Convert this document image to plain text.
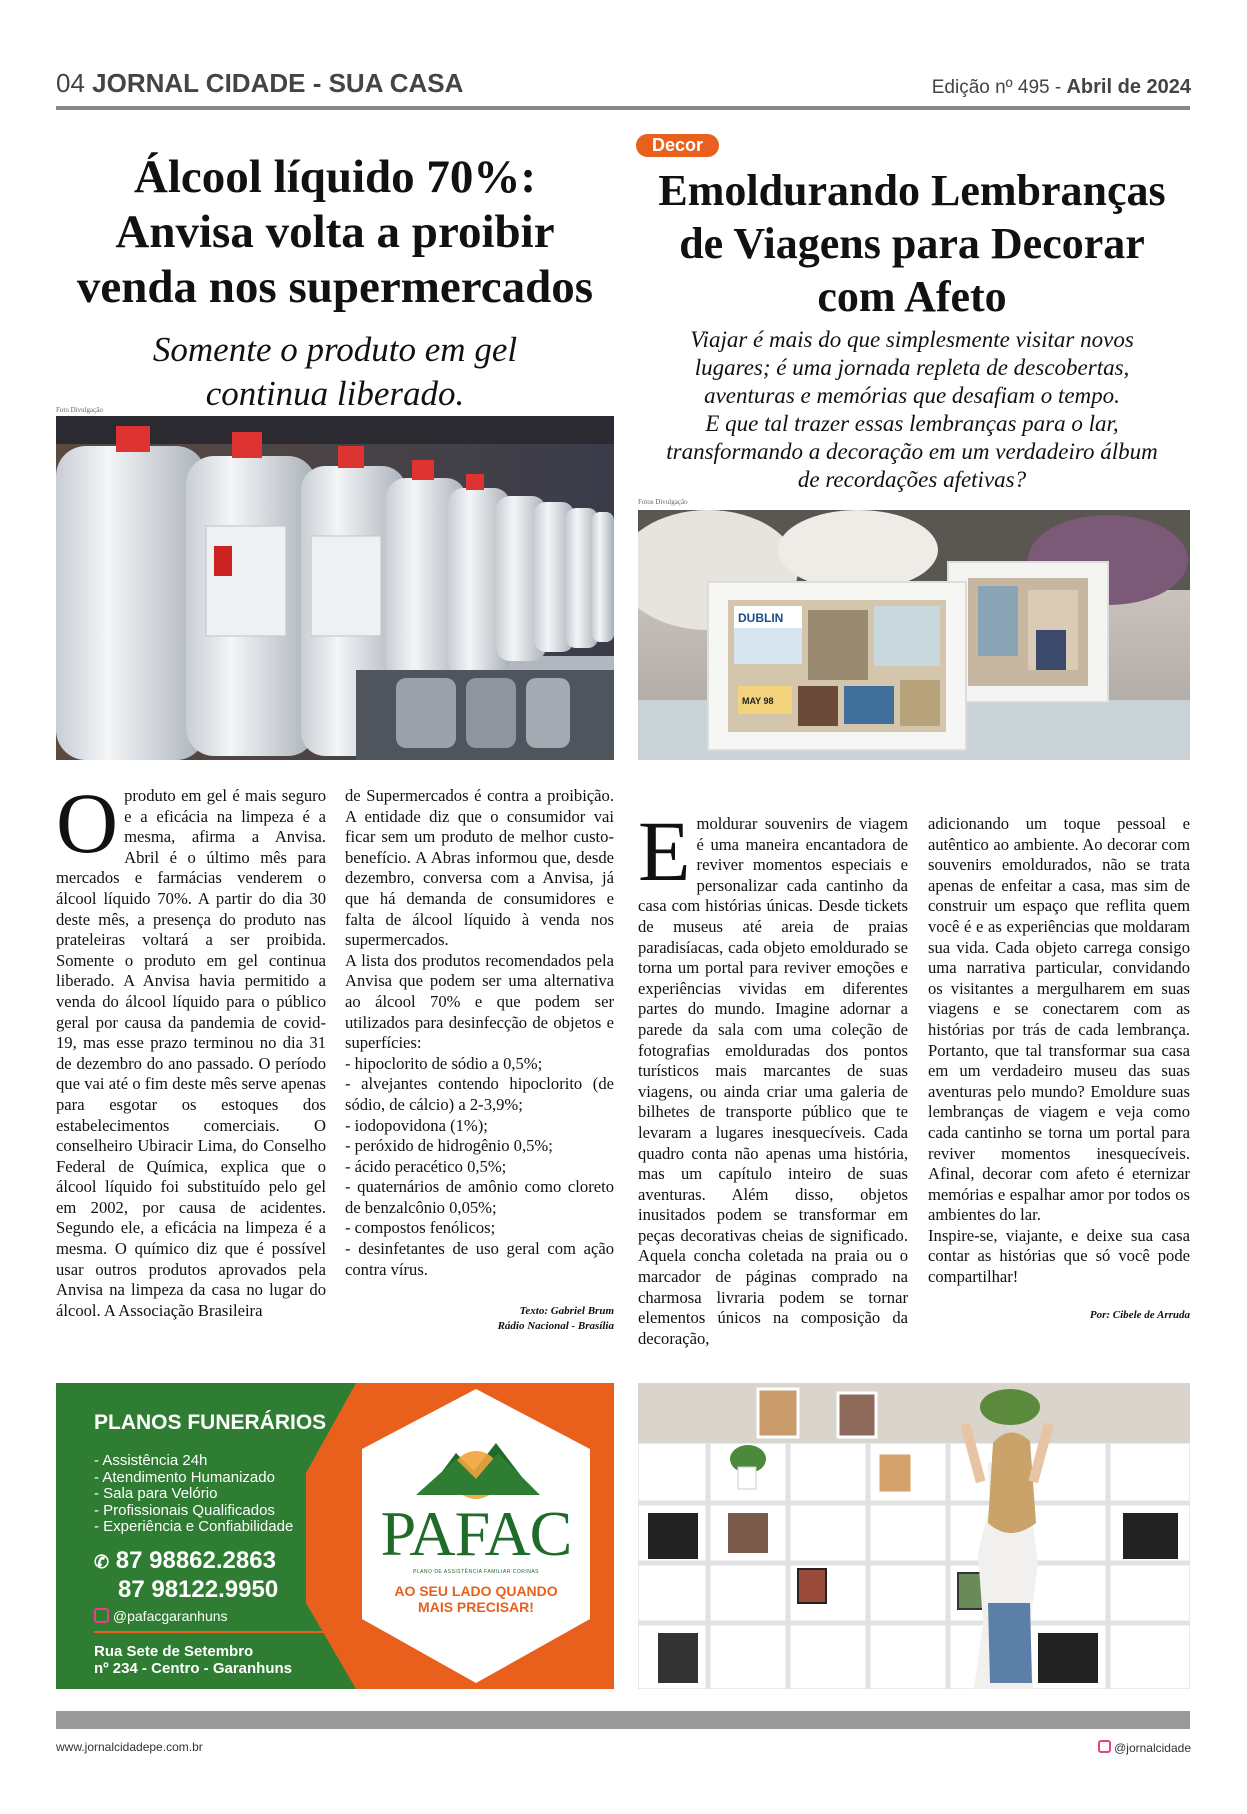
04 JORNAL CIDADE - SUA CASA	Edição nº 495 - Abril de 2024
Álcool líquido 70%:
Anvisa volta a proibir
venda nos supermercados
Somente o produto em gel
continua liberado.
Foto Divulgação
O produto em gel é mais seguro e a eficácia na limpeza é a mesma, afirma a Anvisa. Abril é o último mês para mercados e farmácias venderem o álcool líquido 70%. A partir do dia 30 deste mês, a presença do produto nas prateleiras voltará a ser proibida. Somente o produto em gel continua liberado. A Anvisa havia permitido a venda do álcool líquido para o público geral por causa da pandemia de covid-19, mas esse prazo terminou no dia 31 de dezembro do ano passado. O período que vai até o fim deste mês serve apenas para esgotar os estoques dos estabelecimentos comerciais. O conselheiro Ubiracir Lima, do Conselho Federal de Química, explica que o álcool líquido foi substituído pelo gel em 2002, por causa de acidentes. Segundo ele, a eficácia na limpeza é a mesma. O químico diz que é possível usar outros produtos aprovados pela Anvisa na limpeza da casa no lugar do álcool. A Associação Brasileira

de Supermercados é contra a proibição. A entidade diz que o consumidor vai ficar sem um produto de melhor custo-benefício. A Abras informou que, desde dezembro, conversa com a Anvisa, já que há demanda de consumidores e falta de álcool líquido à venda nos supermercados.

A lista dos produtos recomendados pela Anvisa que podem ser uma alternativa ao álcool 70% e que podem ser utilizados para desinfecção de objetos e superfícies:

- hipoclorito de sódio a 0,5%;
- alvejantes contendo hipoclorito (de sódio, de cálcio) a 2-3,9%;
- iodopovidona (1%);
- peróxido de hidrogênio 0,5%;
- ácido peracético 0,5%;
- quaternários de amônio como cloreto de benzalcônio 0,05%;
- compostos fenólicos;
- desinfetantes de uso geral com ação contra vírus.
Texto: Gabriel Brum
Rádio Nacional - Brasília
Decor
Emoldurando Lembranças
de Viagens para Decorar
com Afeto
Viajar é mais do que simplesmente visitar novos
lugares; é uma jornada repleta de descobertas,
aventuras e memórias que desafiam o tempo.
E que tal trazer essas lembranças para o lar,
transformando a decoração em um verdadeiro álbum
de recordações afetivas?
Fotos Divulgação
DUBLIN
MAY 98
E moldurar souvenirs de viagem é uma maneira encantadora de reviver momentos especiais e personalizar cada cantinho da casa com histórias únicas. Desde tickets de museus até areia de praias paradisíacas, cada objeto emoldurado se torna um portal para reviver emoções e experiências vividas em diferentes partes do mundo. Imagine adornar a parede da sala com uma coleção de fotografias emolduradas dos pontos turísticos mais marcantes de suas viagens, ou ainda criar uma galeria de bilhetes de transporte público que te levaram a lugares inesquecíveis. Cada quadro conta não apenas uma história, mas um capítulo inteiro de suas aventuras. Além disso, objetos inusitados podem se transformar em peças decorativas cheias de significado. Aquela concha coletada na praia ou o marcador de páginas comprado na charmosa livraria podem se tornar elementos únicos na composição da decoração,

adicionando um toque pessoal e autêntico ao ambiente. Ao decorar com souvenirs emoldurados, não se trata apenas de enfeitar a casa, mas sim de construir um espaço que reflita quem você é e as experiências que moldaram sua vida. Cada objeto carrega consigo uma narrativa particular, convidando os visitantes a mergulharem em suas viagens e se conectarem com as histórias por trás de cada lembrança. Portanto, que tal transformar sua casa em um verdadeiro museu das suas aventuras pelo mundo? Emoldure suas lembranças de viagem e veja como cada cantinho se torna um portal para reviver momentos inesquecíveis. Afinal, decorar com afeto é eternizar memórias e espalhar amor por todos os ambientes do lar.

Inspire-se, viajante, e deixe sua casa contar as histórias que só você pode compartilhar!

Por: Cibele de Arruda
PLANOS FUNERÁRIOS
- Assistência 24h
- Atendimento Humanizado
- Sala para Velório
- Profissionais Qualificados
- Experiência e Confiabilidade
✆ 87 98862.2863
87 98122.9950
@pafacgaranhuns
Rua Sete de Setembro
nº 234 - Centro - Garanhuns
PAFAC
PLANO DE ASSISTÊNCIA FAMILIAR CORINAS
AO SEU LADO QUANDO
MAIS PRECISAR!
www.jornalcidadepe.com.br	@jornalcidade
